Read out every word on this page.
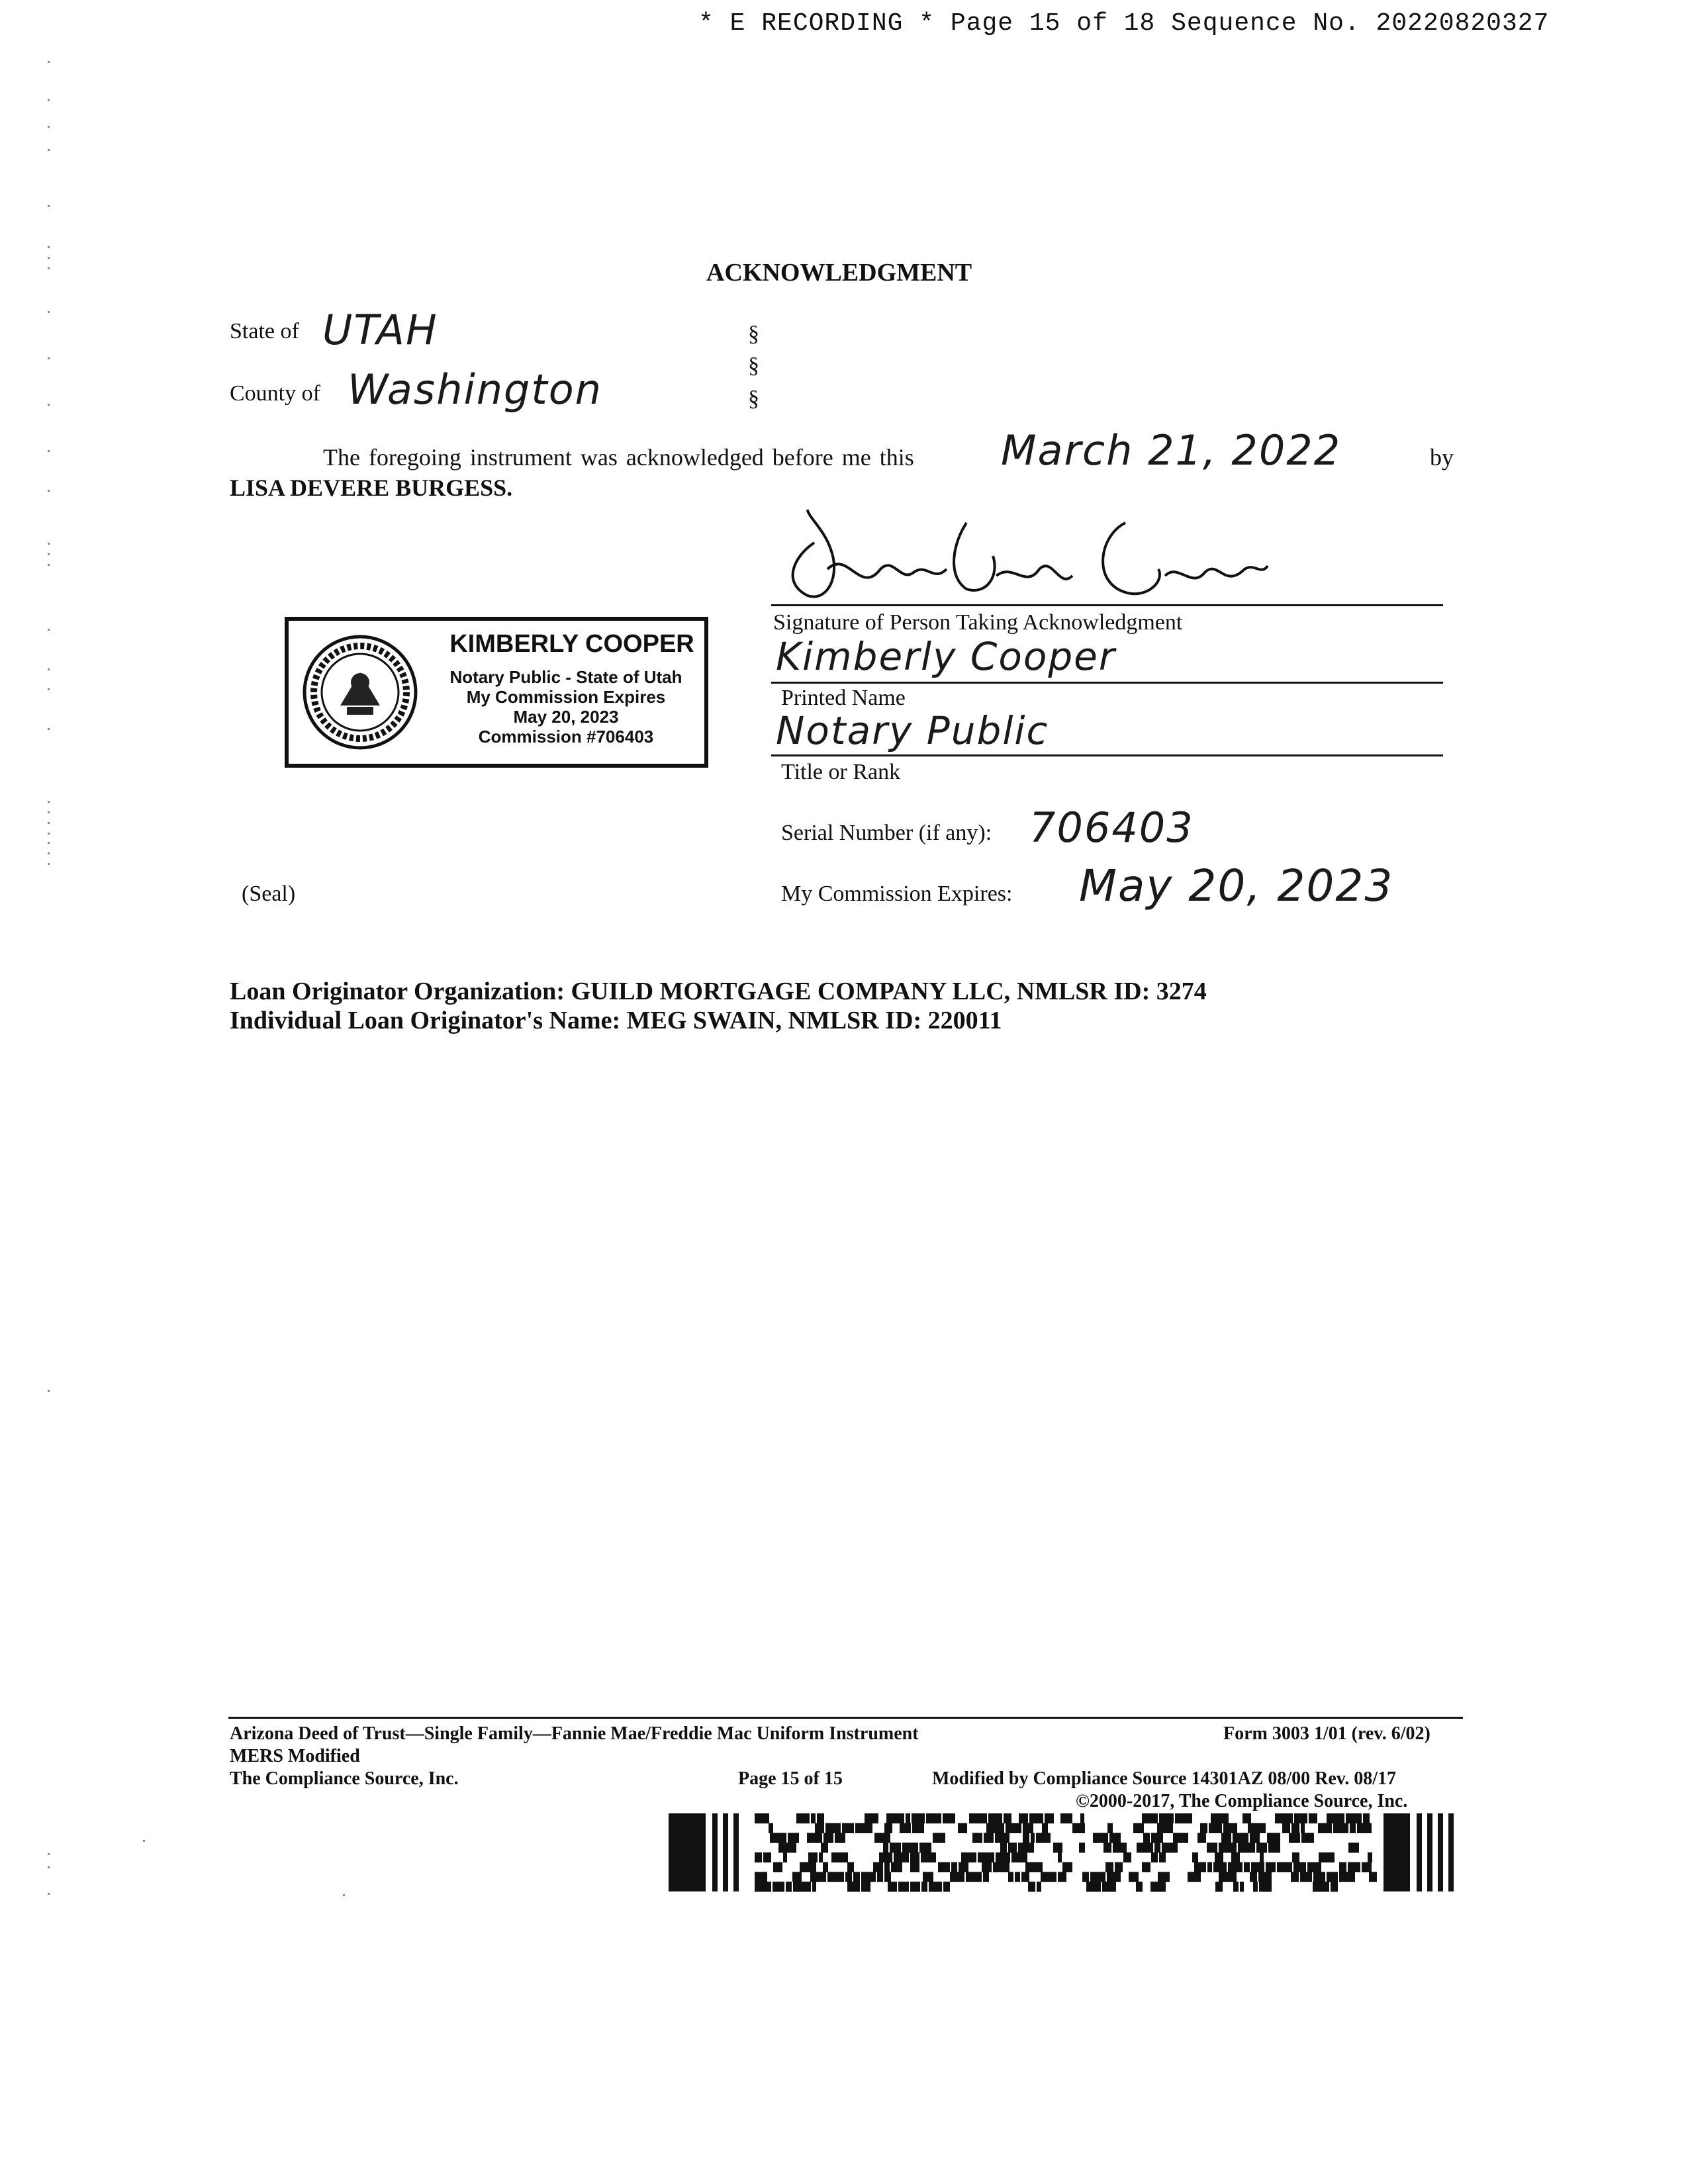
* E RECORDING * Page 15 of 18 Sequence No. 20220820327
ACKNOWLEDGMENT
State of UTAH
County of Washington
§
§
§
The foregoing instrument was acknowledged before me this March 21, 2022	by
LISA DEVERE BURGESS.
Signature of Person Taking Acknowledgment
Kimberly Cooper
Printed Name
Notary Public
Title or Rank
Serial Number (if any): 706403
(Seal)	My Commission Expires: May 20, 2023
KIMBERLY COOPER
Notary Public - State of Utah
My Commission Expires
May 20, 2023
Commission #706403
Loan Originator Organization: GUILD MORTGAGE COMPANY LLC, NMLSR ID: 3274
Individual Loan Originator's Name: MEG SWAIN, NMLSR ID: 220011
Arizona Deed of Trust—Single Family—Fannie Mae/Freddie Mac Uniform Instrument	Form 3003 1/01 (rev. 6/02)
MERS Modified
The Compliance Source, Inc.	Page 15 of 15	Modified by Compliance Source 14301AZ 08/00 Rev. 08/17
©2000-2017, The Compliance Source, Inc.
